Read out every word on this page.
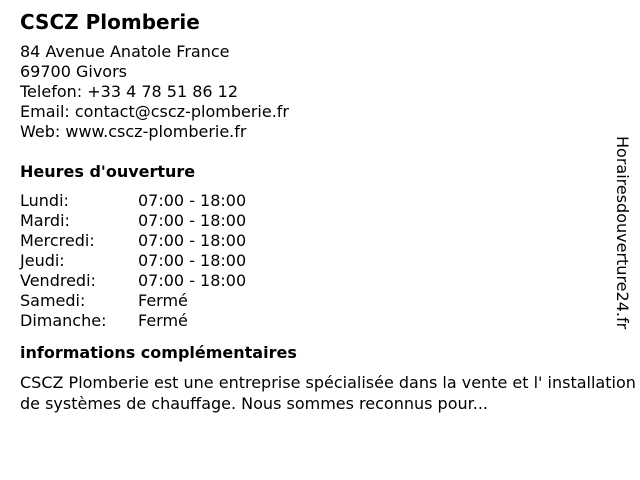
CSCZ Plomberie
84 Avenue Anatole France
69700 Givors
Telefon: +33 4 78 51 86 12
Email: contact@cscz-plomberie.fr
Web: www.cscz-plomberie.fr
Heures d'ouverture
Lundi:	07:00 - 18:00
Mardi:	07:00 - 18:00
Mercredi:	07:00 - 18:00
Jeudi:	07:00 - 18:00
Vendredi:	07:00 - 18:00
Samedi:	Fermé
Dimanche:	Fermé
informations complémentaires
CSCZ Plomberie est une entreprise spécialisée dans la vente et l' installation de systèmes de chauffage. Nous sommes reconnus pour...
Horairesdouverture24.fr
